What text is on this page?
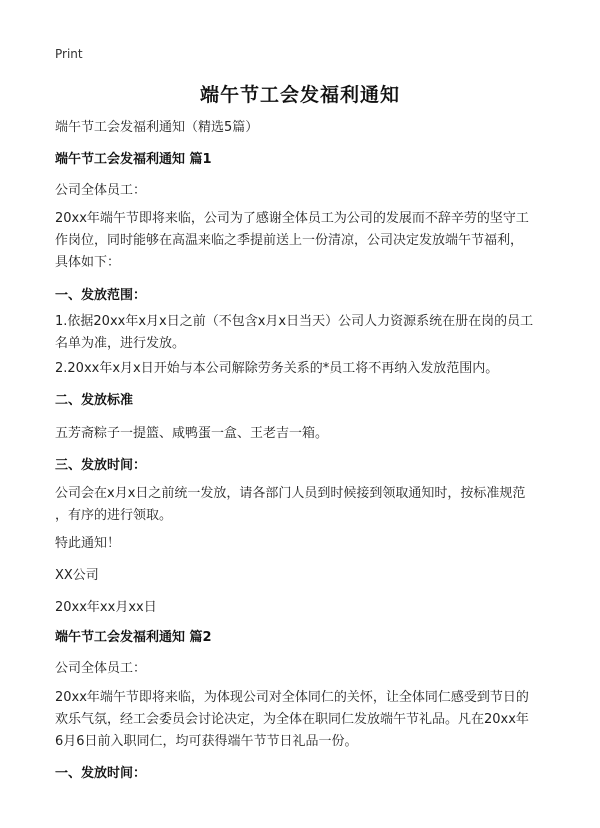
Print
端午节工会发福利通知
端午节工会发福利通知（精选5篇）
端午节工会发福利通知 篇1
公司全体员工：
20xx年端午节即将来临，公司为了感谢全体员工为公司的发展而不辞辛劳的坚守工
作岗位，同时能够在高温来临之季提前送上一份清凉，公司决定发放端午节福利，
具体如下：
一、发放范围：
1.依据20xx年x月x日之前（不包含x月x日当天）公司人力资源系统在册在岗的员工
名单为准，进行发放。
2.20xx年x月x日开始与本公司解除劳务关系的*员工将不再纳入发放范围内。
二、发放标准
五芳斋粽子一提篮、咸鸭蛋一盒、王老吉一箱。
三、发放时间：
公司会在x月x日之前统一发放，请各部门人员到时候接到领取通知时，按标准规范
，有序的进行领取。
特此通知！
XX公司
20xx年xx月xx日
端午节工会发福利通知 篇2
公司全体员工：
20xx年端午节即将来临，为体现公司对全体同仁的关怀，让全体同仁感受到节日的
欢乐气氛，经工会委员会讨论决定，为全体在职同仁发放端午节礼品。凡在20xx年
6月6日前入职同仁，均可获得端午节节日礼品一份。
一、发放时间：
